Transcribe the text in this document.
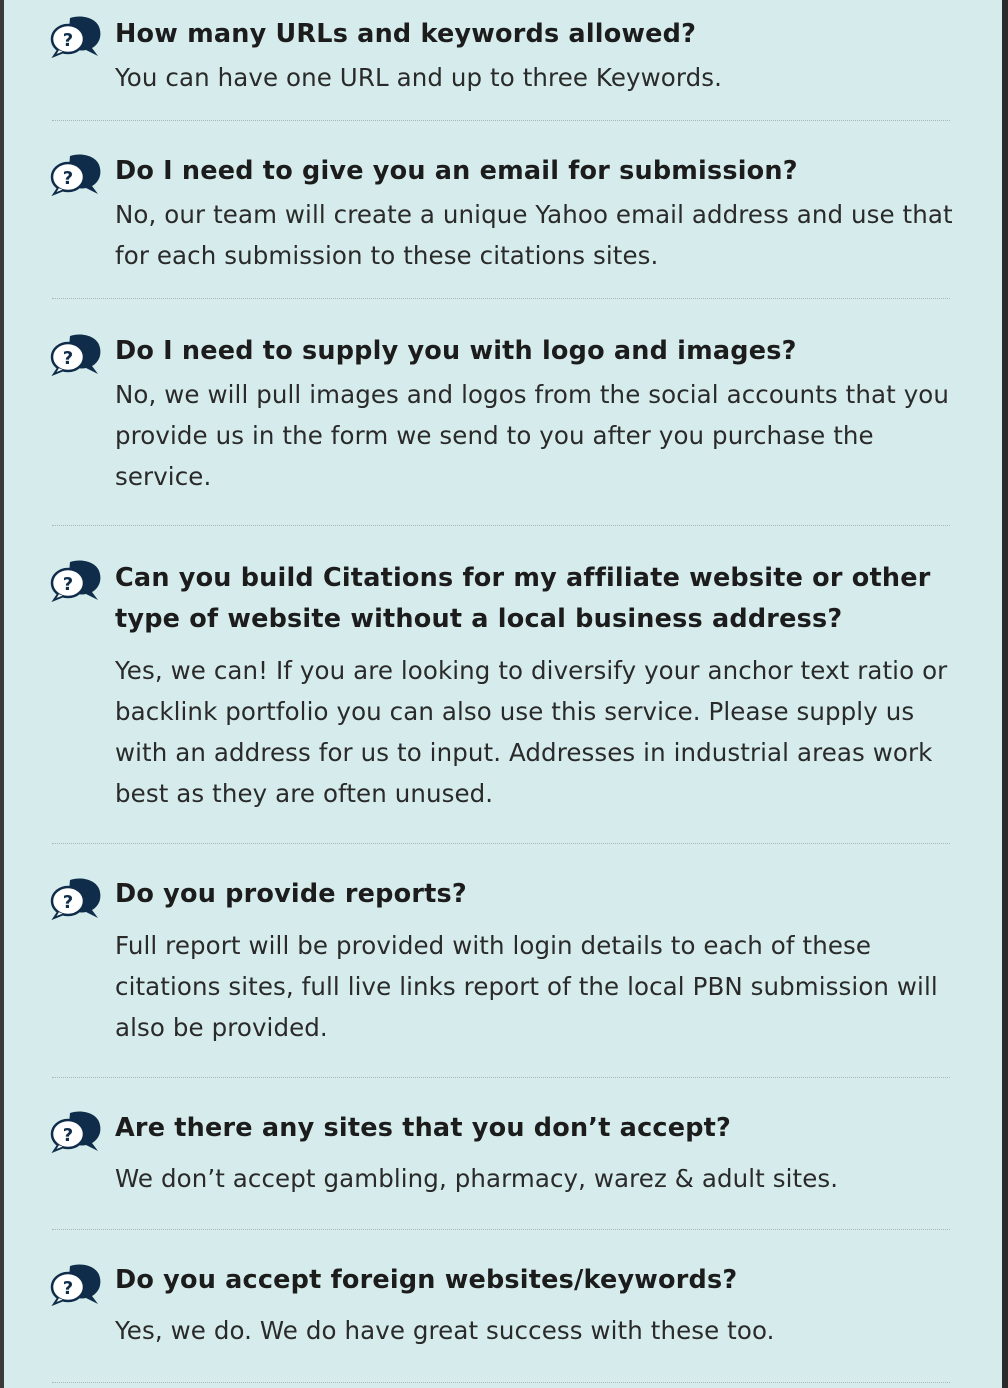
? How many URLs and keywords allowed?
You can have one URL and up to three Keywords.
? Do I need to give you an email for submission?
No, our team will create a unique Yahoo email address and use that for each submission to these citations sites.
? Do I need to supply you with logo and images?
No, we will pull images and logos from the social accounts that you provide us in the form we send to you after you purchase the service.
? Can you build Citations for my affiliate website or other type of website without a local business address?
Yes, we can! If you are looking to diversify your anchor text ratio or backlink portfolio you can also use this service. Please supply us with an address for us to input. Addresses in industrial areas work best as they are often unused.
? Do you provide reports?
Full report will be provided with login details to each of these citations sites, full live links report of the local PBN submission will also be provided.
? Are there any sites that you don’t accept?
We don’t accept gambling, pharmacy, warez & adult sites.
? Do you accept foreign websites/keywords?
Yes, we do. We do have great success with these too.
